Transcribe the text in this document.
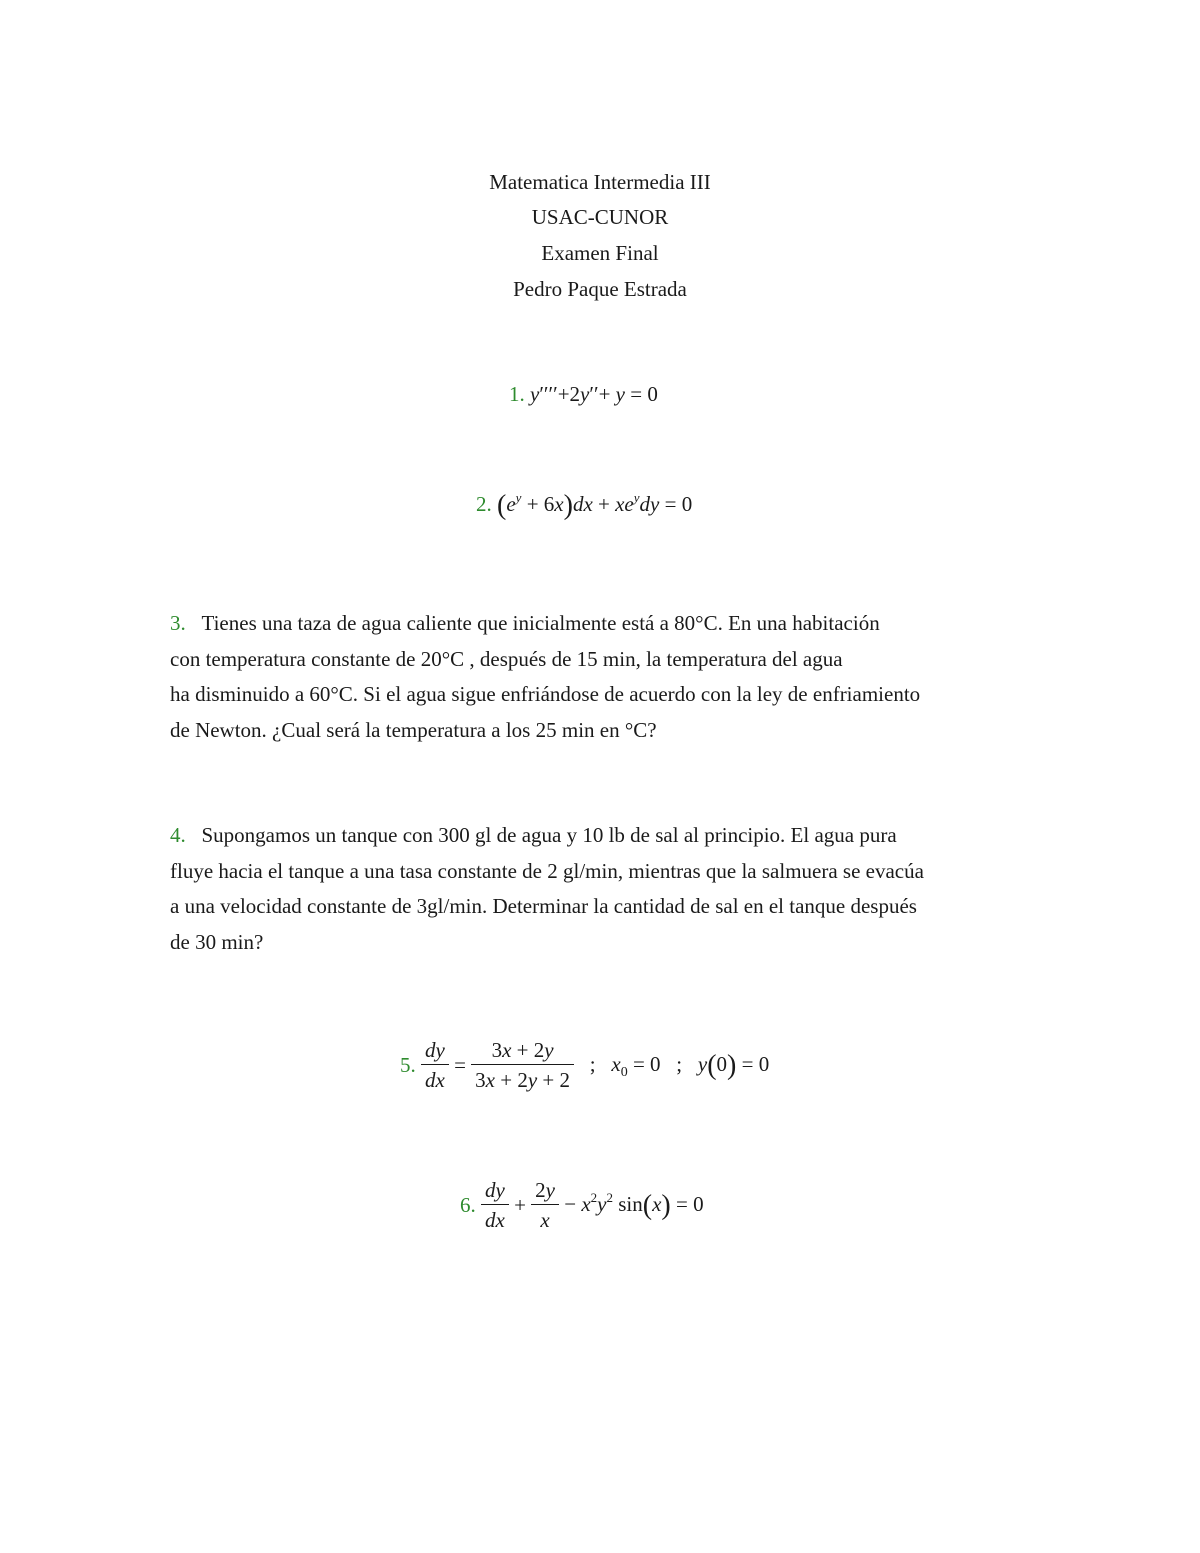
Matematica Intermedia III
USAC-CUNOR
Examen Final
Pedro Paque Estrada
1. y′′′′+2y′′+ y = 0
2. $(e^y + 6x)dx + xe^ydy = 0$
3. Tienes una taza de agua caliente que inicialmente está a 80°C. En una habitación
con temperatura constante de 20°C , después de 15 min, la temperatura del agua
ha disminuido a 60°C. Si el agua sigue enfriándose de acuerdo con la ley de enfriamiento
de Newton. ¿Cual será la temperatura a los 25 min en °C?
4. Supongamos un tanque con 300 gl de agua y 10 lb de sal al principio. El agua pura
fluye hacia el tanque a una tasa constante de 2 gl/min, mientras que la salmuera se evacúa
a una velocidad constante de 3gl/min. Determinar la cantidad de sal en el tanque después
de 30 min?
5. $\frac{dy}{dx} = \frac{3x + 2y}{3x + 2y + 2}$ ;   $x_0 = 0$   ;   y(0) = 0
6. $\frac{dy}{dx} + \frac{2y}{x} - x^2y^2$ sin(x) = 0
